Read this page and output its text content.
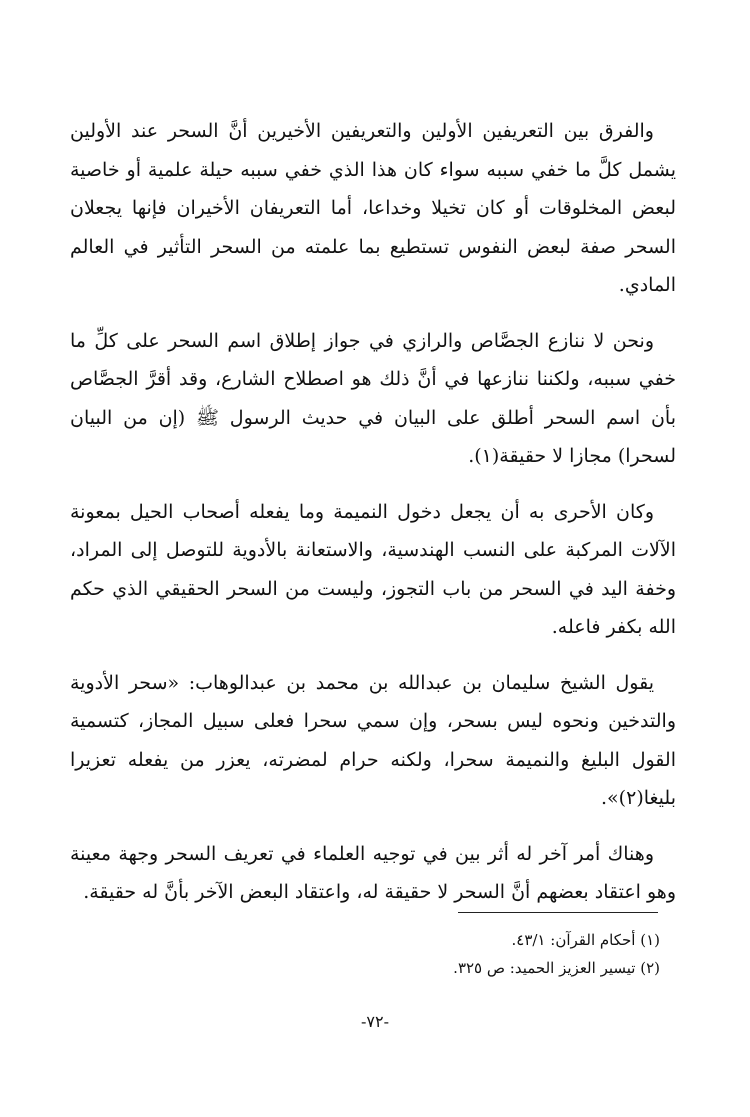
والفرق بين التعريفين الأولين والتعريفين الأخيرين أنَّ السحر عند الأولين يشمل كلَّ ما خفي سببه سواء كان هذا الذي خفي سببه حيلة علمية أو خاصية لبعض المخلوقات أو كان تخيلا وخداعا، أما التعريفان الأخيران فإنها يجعلان السحر صفة لبعض النفوس تستطيع بما علمته من السحر التأثير في العالم المادي.

ونحن لا ننازع الجصَّاص والرازي في جواز إطلاق اسم السحر على كلِّ ما خفي سببه، ولكننا ننازعها في أنَّ ذلك هو اصطلاح الشارع، وقد أقرَّ الجصَّاص بأن اسم السحر أطلق على البيان في حديث الرسول ﷺ (إن من البيان لسحرا) مجازا لا حقيقة(١).

وكان الأحرى به أن يجعل دخول النميمة وما يفعله أصحاب الحيل بمعونة الآلات المركبة على النسب الهندسية، والاستعانة بالأدوية للتوصل إلى المراد، وخفة اليد في السحر من باب التجوز، وليست من السحر الحقيقي الذي حكم الله بكفر فاعله.

يقول الشيخ سليمان بن عبدالله بن محمد بن عبدالوهاب: «سحر الأدوية والتدخين ونحوه ليس بسحر، وإن سمي سحرا فعلى سبيل المجاز، كتسمية القول البليغ والنميمة سحرا، ولكنه حرام لمضرته، يعزر من يفعله تعزيرا بليغا(٢)».

وهناك أمر آخر له أثر بين في توجيه العلماء في تعريف السحر وجهة معينة وهو اعتقاد بعضهم أنَّ السحر لا حقيقة له، واعتقاد البعض الآخر بأنَّ له حقيقة.

(١) أحكام القرآن: ٤٣/١.

(٢) تيسير العزيز الحميد: ص ٣٢٥.

-٧٢-
